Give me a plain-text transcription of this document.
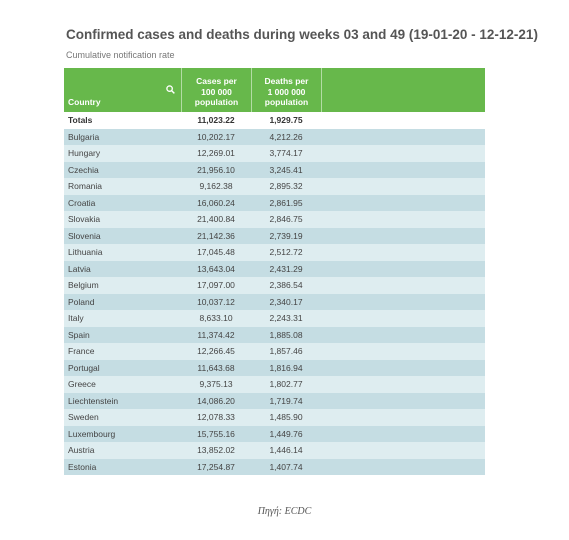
Confirmed cases and deaths during weeks 03 and 49 (19-01-20 - 12-12-21)
Cumulative notification rate
Country
Cases per
100 000
population
Deaths per
1 000 000
population
Totals	11,023.22	1,929.75
Bulgaria	10,202.17	4,212.26
Hungary	12,269.01	3,774.17
Czechia	21,956.10	3,245.41
Romania	9,162.38	2,895.32
Croatia	16,060.24	2,861.95
Slovakia	21,400.84	2,846.75
Slovenia	21,142.36	2,739.19
Lithuania	17,045.48	2,512.72
Latvia	13,643.04	2,431.29
Belgium	17,097.00	2,386.54
Poland	10,037.12	2,340.17
Italy	8,633.10	2,243.31
Spain	11,374.42	1,885.08
France	12,266.45	1,857.46
Portugal	11,643.68	1,816.94
Greece	9,375.13	1,802.77
Liechtenstein	14,086.20	1,719.74
Sweden	12,078.33	1,485.90
Luxembourg	15,755.16	1,449.76
Austria	13,852.02	1,446.14
Estonia	17,254.87	1,407.74
Πηγή: ECDC
